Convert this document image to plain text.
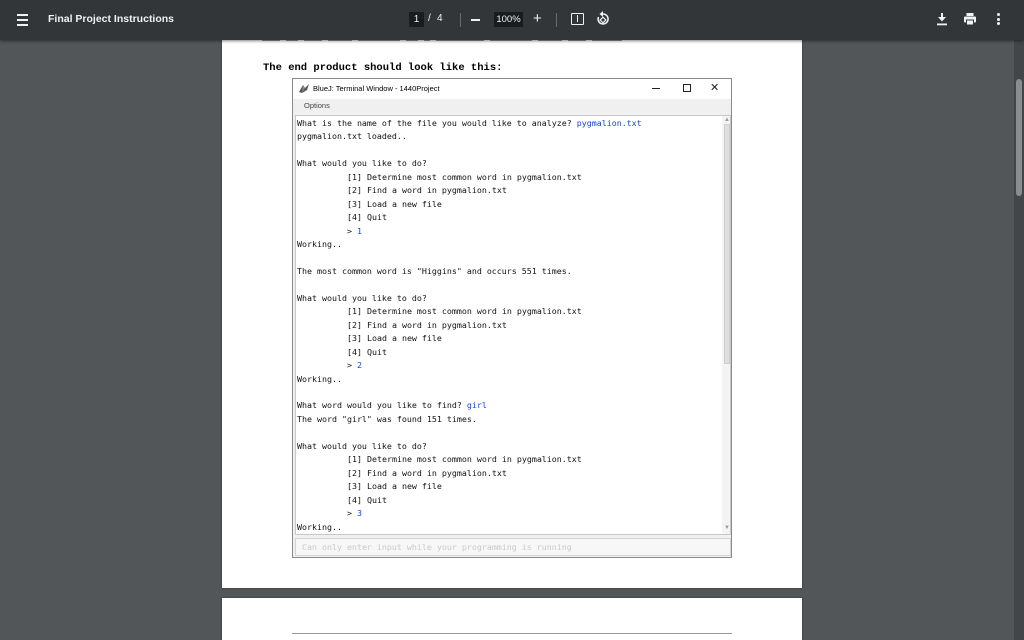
Final Project Instructions	1 / 4	100% +
The end product should look like this:
BlueJ: Terminal Window - 1440Project	✕
Options
▲
▼
What is the name of the file you would like to analyze? pygmalion.txt
pygmalion.txt loaded..
What would you like to do?
[1] Determine most common word in pygmalion.txt
[2] Find a word in pygmalion.txt
[3] Load a new file
[4] Quit
> 1
Working..
The most common word is "Higgins" and occurs 551 times.
What would you like to do?
[1] Determine most common word in pygmalion.txt
[2] Find a word in pygmalion.txt
[3] Load a new file
[4] Quit
> 2
Working..
What word would you like to find? girl
The word "girl" was found 151 times.
What would you like to do?
[1] Determine most common word in pygmalion.txt
[2] Find a word in pygmalion.txt
[3] Load a new file
[4] Quit
> 3
Working..
Can only enter input while your programming is running
